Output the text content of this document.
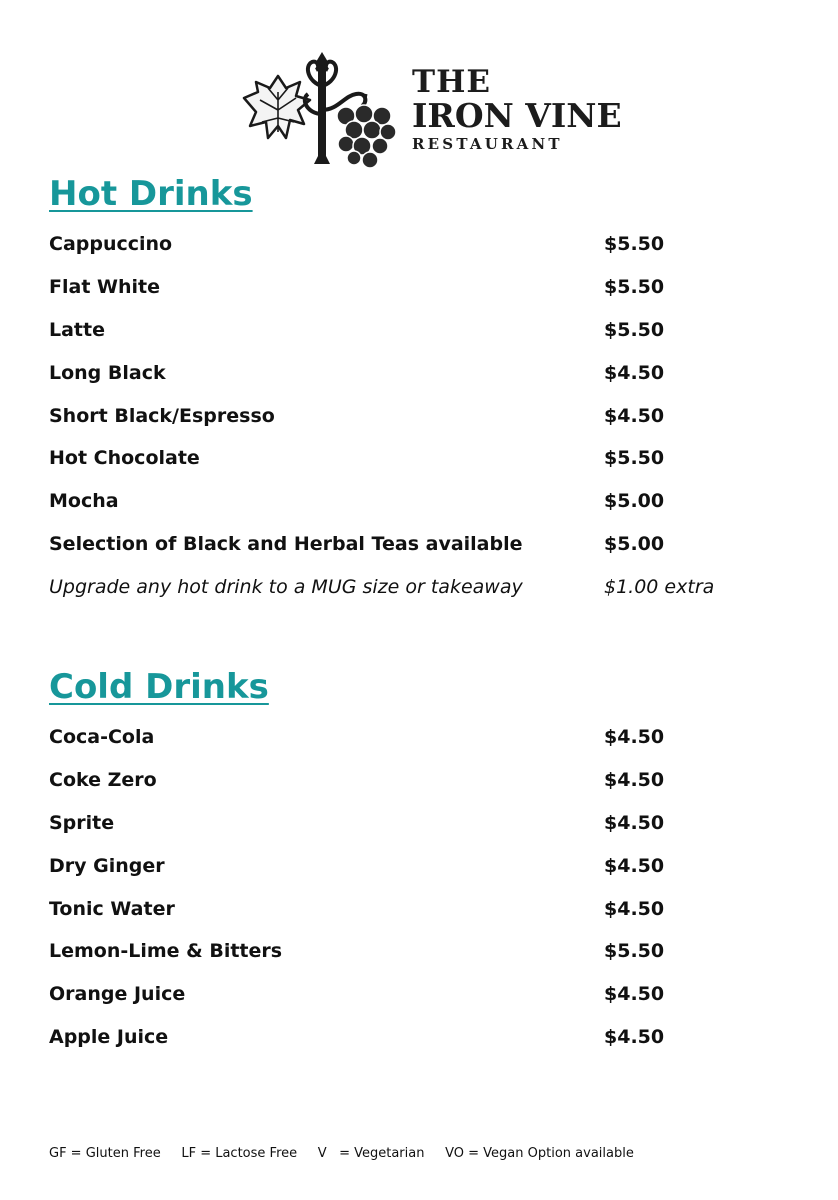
THE
IRON VINE
RESTAURANT
Hot Drinks
Cappuccino	$5.50
Flat White	$5.50
Latte	$5.50
Long Black	$4.50
Short Black/Espresso	$4.50
Hot Chocolate	$5.50
Mocha	$5.00
Selection of Black and Herbal Teas available	$5.00
Upgrade any hot drink to a MUG size or takeaway	$1.00 extra
Cold Drinks
Coca-Cola	$4.50
Coke Zero	$4.50
Sprite	$4.50
Dry Ginger	$4.50
Tonic Water	$4.50
Lemon-Lime & Bitters	$5.50
Orange Juice	$4.50
Apple Juice	$4.50
GF = Gluten Free     LF = Lactose Free     V   = Vegetarian     VO = Vegan Option available
